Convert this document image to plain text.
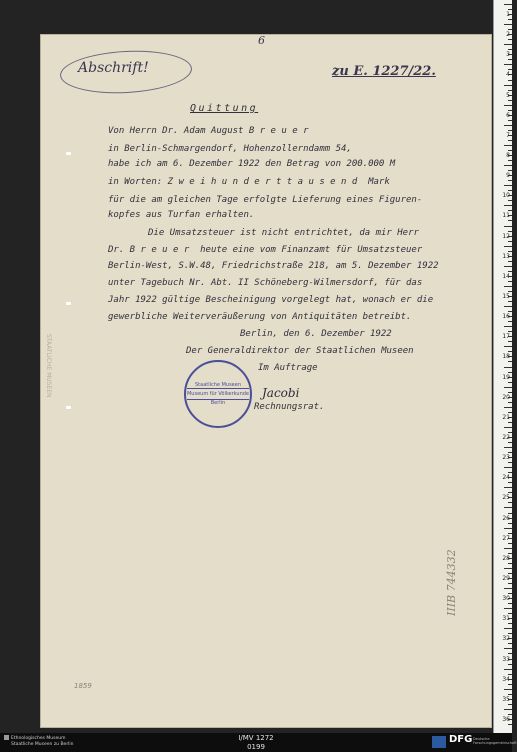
1
2
3
4
5
6
7
8
9
10
11
12
13
14
15
16
17
18
19
20
21
22
23
24
25
26
27
28
29
30
31
32
33
34
35
36
Abschrift!
6
zu E. 1227/22.
Quittung
Von Herrn Dr. Adam August B r e u e r
in Berlin-Schmargendorf, Hohenzollerndamm 54,
habe ich am 6. Dezember 1922 den Betrag von 200.000 M
in Worten: Z w e i h u n d e r t t a u s e n d  Mark
für die am gleichen Tage erfolgte Lieferung eines Figuren-
kopfes aus Turfan erhalten.
Die Umsatzsteuer ist nicht entrichtet, da mir Herr
Dr. B r e u e r  heute eine vom Finanzamt für Umsatzsteuer
Berlin-West, S.W.48, Friedrichstraße 218, am 5. Dezember 1922
unter Tagebuch Nr. Abt. II Schöneberg-Wilmersdorf, für das
Jahr 1922 gültige Bescheinigung vorgelegt hat, wonach er die
gewerbliche Weiterveräußerung von Antiquitäten betreibt.
Berlin, den 6. Dezember 1922
Der Generaldirektor der Staatlichen Museen
Im Auftrage
Staatliche Museen
Museum für Völkerkunde
Berlin
Jacobi
Rechnungsrat.
1859
IIIB 744332
STAATLICHE MUSEEN
Ethnologisches Museum
Staatliche Museen zu Berlin
I/MV 1272
0199
DFG Deutsche
Forschungsgemeinschaft
